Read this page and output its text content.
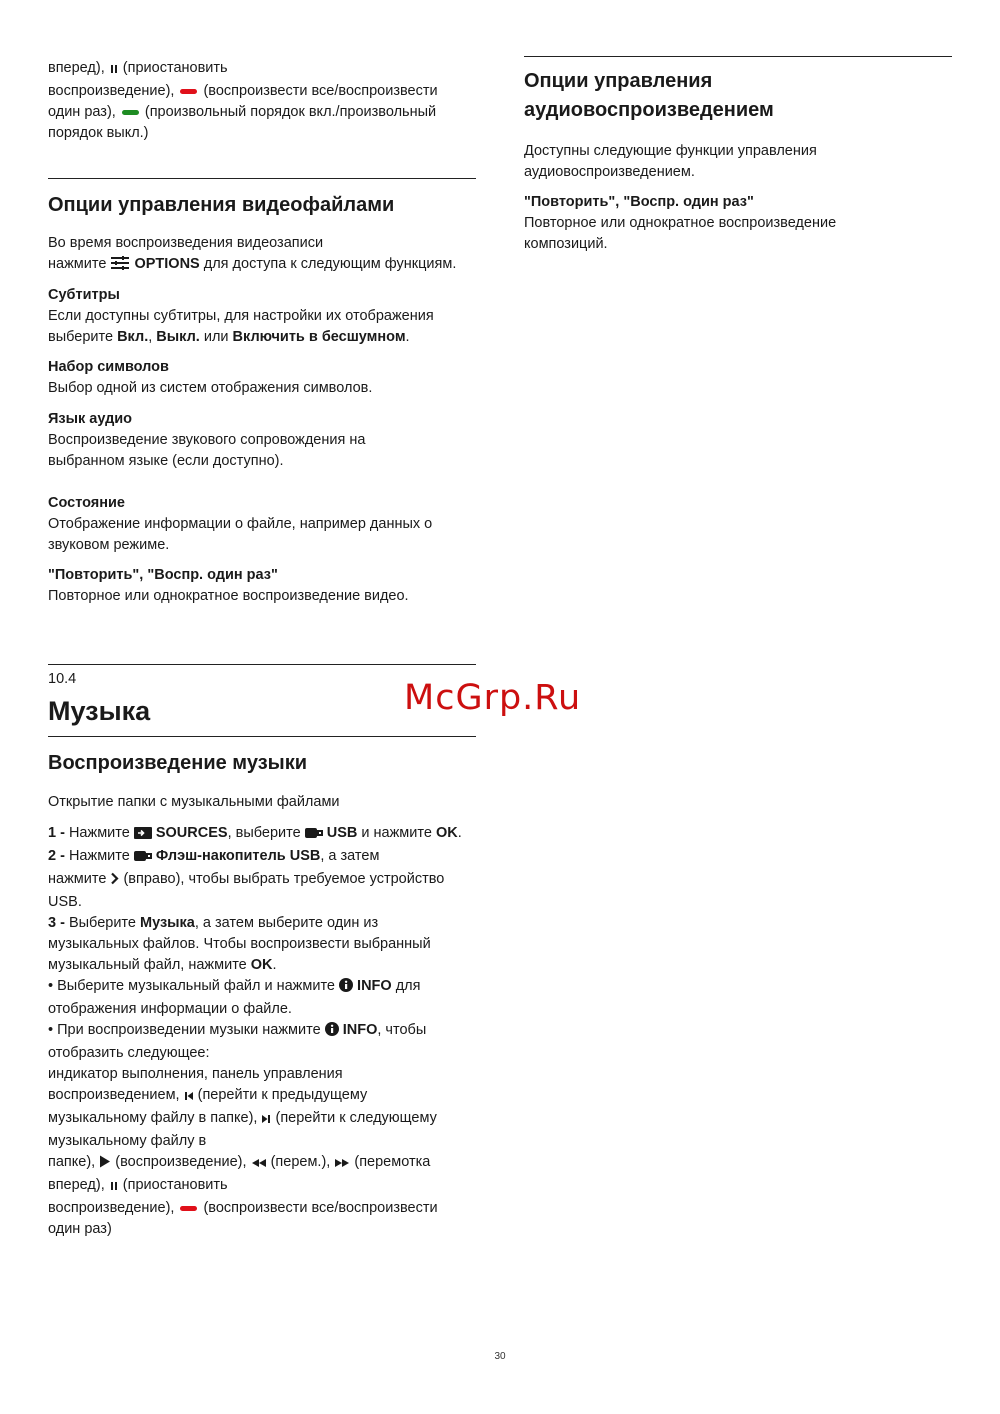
вперед),  (приостановить

воспроизведение),  (воспроизвести все/воспроизвести

один раз),  (произвольный порядок вкл./произвольный

порядок выкл.)

Опции управления видеофайлами

Во время воспроизведения видеозаписи

нажмите  OPTIONS для доступа к следующим функциям.

Субтитры

Если доступны субтитры, для настройки их отображения

выберите Вкл., Выкл. или Включить в бесшумном.

Набор символов

Выбор одной из систем отображения символов.

Язык аудио

Воспроизведение звукового сопровождения на

выбранном языке (если доступно).

Состояние

Отображение информации о файле, например данных о

звуковом режиме.

"Повторить", "Воспр. один раз"

Повторное или однократное воспроизведение видео.

10.4
Музыка
Воспроизведение музыки

Открытие папки с музыкальными файлами

1 - Нажмите  SOURCES, выберите  USB и нажмите OK.

2 - Нажмите  Флэш-накопитель USB, а затем

нажмите  (вправо), чтобы выбрать требуемое устройство

USB.

3 - Выберите Музыка, а затем выберите один из

музыкальных файлов. Чтобы воспроизвести выбранный

музыкальный файл, нажмите OK.

• Выберите музыкальный файл и нажмите  INFO для

отображения информации о файле.

• При воспроизведении музыки нажмите  INFO, чтобы

отобразить следующее:

индикатор выполнения, панель управления

воспроизведением,  (перейти к предыдущему

музыкальному файлу в папке),  (перейти к следующему

музыкальному файлу в

папке),  (воспроизведение),  (перем.),  (перемотка

вперед),  (приостановить

воспроизведение),  (воспроизвести все/воспроизвести

один раз)

Опции управления
аудиовоспроизведением

Доступны следующие функции управления

аудиовоспроизведением.

"Повторить", "Воспр. один раз"

Повторное или однократное воспроизведение

композиций.

McGrp.Ru
30
